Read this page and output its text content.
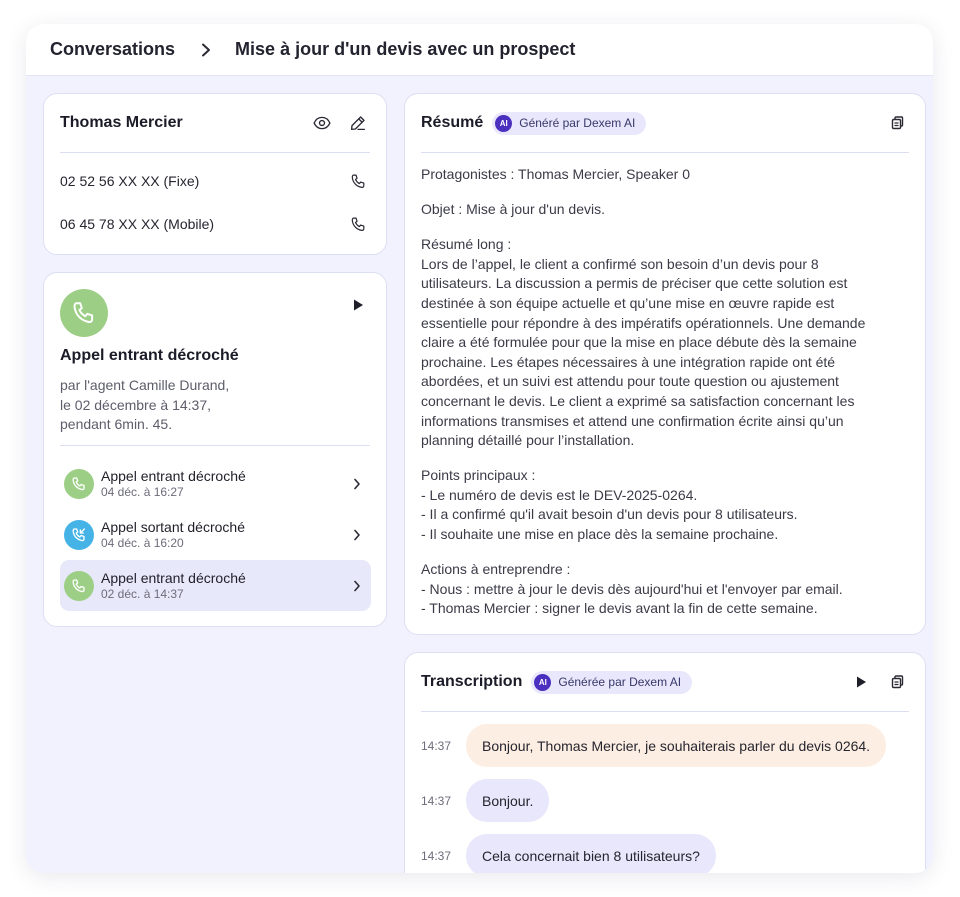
Conversations	Mise à jour d'un devis avec un prospect
Thomas Mercier
02 52 56 XX XX (Fixe)
06 45 78 XX XX (Mobile)
Appel entrant décroché
par l'agent Camille Durand,
le 02 décembre à 14:37,
pendant 6min. 45.
Appel entrant décroché
04 déc. à 16:27
Appel sortant décroché
04 déc. à 16:20
Appel entrant décroché
02 déc. à 14:37
Résumé	AI Généré par Dexem AI

Protagonistes : Thomas Mercier, Speaker 0

Objet : Mise à jour d'un devis.

Résumé long :
Lors de l’appel, le client a confirmé son besoin d’un devis pour 8
utilisateurs. La discussion a permis de préciser que cette solution est
destinée à son équipe actuelle et qu’une mise en œuvre rapide est
essentielle pour répondre à des impératifs opérationnels. Une demande
claire a été formulée pour que la mise en place débute dès la semaine
prochaine. Les étapes nécessaires à une intégration rapide ont été
abordées, et un suivi est attendu pour toute question ou ajustement
concernant le devis. Le client a exprimé sa satisfaction concernant les
informations transmises et attend une confirmation écrite ainsi qu’un
planning détaillé pour l’installation.

Points principaux :
- Le numéro de devis est le DEV-2025-0264.
- Il a confirmé qu'il avait besoin d'un devis pour 8 utilisateurs.
- Il souhaite une mise en place dès la semaine prochaine.

Actions à entreprendre :
- Nous : mettre à jour le devis dès aujourd'hui et l'envoyer par email.
- Thomas Mercier : signer le devis avant la fin de cette semaine.

Transcription	AI Générée par Dexem AI
14:37	Bonjour, Thomas Mercier, je souhaiterais parler du devis 0264.
14:37	Bonjour.
14:37	Cela concernait bien 8 utilisateurs?
